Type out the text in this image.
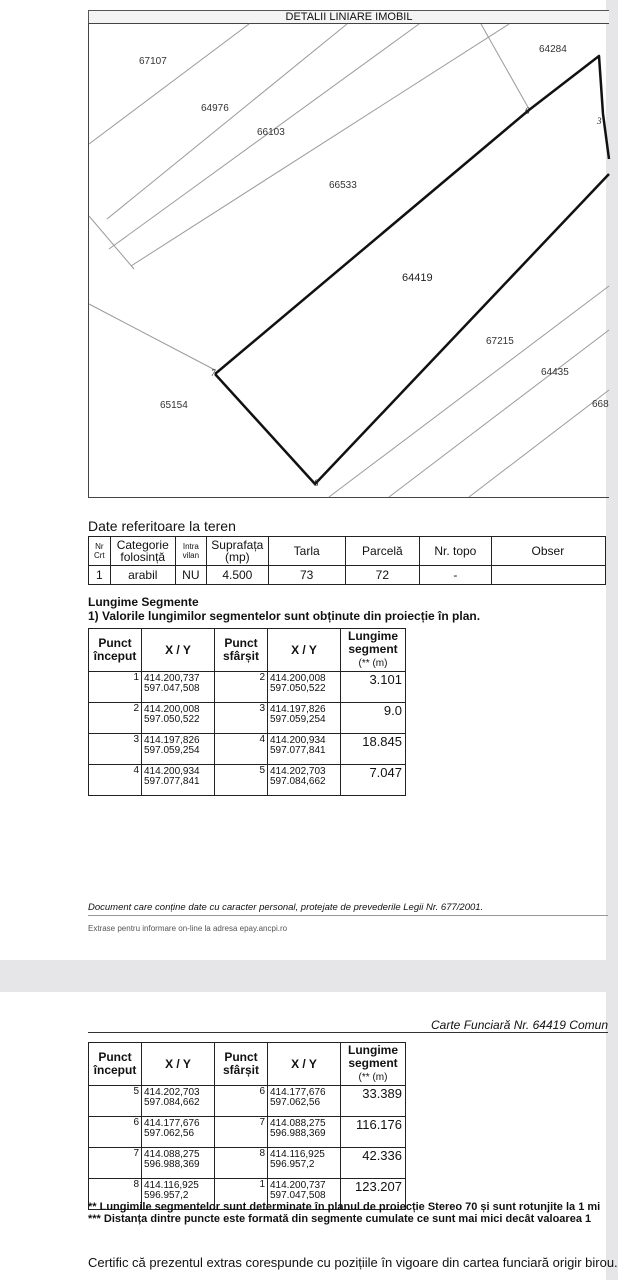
DETALII LINIARE IMOBIL
67107
64976
66103
66533
64419
64284
67215
64435
65154	668
6
3
7
8
Date referitoare la teren
Nr Crt	Categorie folosință	Intra vilan	Suprafața (mp)	Tarla	Parcelă	Nr. topo	Obser
1	arabil	NU	4.500	73	72	-	
Lungime Segmente
1) Valorile lungimilor segmentelor sunt obținute din proiecție în plan.
Punct început	X / Y	Punct sfârșit	X / Y	Lungime segment
(** (m)
1	414.200,737
597.047,508	2	414.200,008
597.050,522	3.101
2	414.200,008
597.050,522	3	414.197,826
597.059,254	9.0
3	414.197,826
597.059,254	4	414.200,934
597.077,841	18.845
4	414.200,934
597.077,841	5	414.202,703
597.084,662	7.047
Document care conține date cu caracter personal, protejate de prevederile Legii Nr. 677/2001.
Extrase pentru informare on-line la adresa epay.ancpi.ro
Carte Funciară Nr. 64419 Comun
Punct început	X / Y	Punct sfârșit	X / Y	Lungime segment
(** (m)
5	414.202,703
597.084,662	6	414.177,676
597.062,56	33.389
6	414.177,676
597.062,56	7	414.088,275
596.988,369	116.176
7	414.088,275
596.988,369	8	414.116,925
596.957,2	42.336
8	414.116,925
596.957,2	1	414.200,737
597.047,508	123.207
** Lungimile segmentelor sunt determinate în planul de proiecție Stereo 70 și sunt rotunjite la 1 mi
*** Distanța dintre puncte este formată din segmente cumulate ce sunt mai mici decât valoarea 1
Certific că prezentul extras corespunde cu pozițiile în vigoare din cartea funciară origir birou.
